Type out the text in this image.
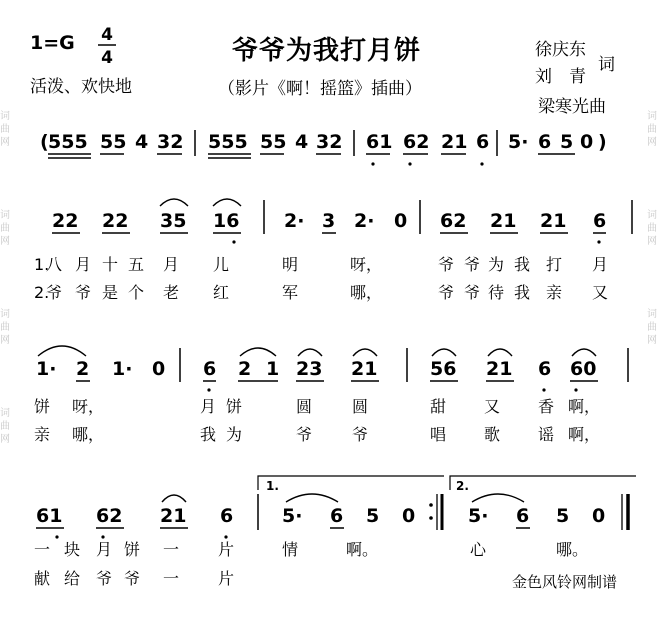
1=G 4
4
活泼、欢快地
爷爷为我打月饼
（影片《啊！摇篮》插曲）
徐庆东
刘　青
词
梁寒光曲
词
曲
网
词
曲
网
词
曲
网
词
曲
网
词
曲
网
词
曲
网
词
曲
网
( 555 55 4 32 555 55 4 32 61 62 21 6 5· 6 5 0 )
22 22 35 16 2· 3 2· 0 62 21 21 6
1.
八 月 十 五 月 儿	明	呀，	爷 爷 为 我 打 月
2.
爷 爷 是 个 老 红	军	哪，	爷 爷 待 我 亲 又
1· 2 1· 0 6 2 1 23 21	56 21 6 60
饼 呀，	月 饼	圆 圆	甜 又 香 啊，
亲 哪，	我 为	爷 爷	唱 歌 谣 啊，
61 62 21 6
1.
5· 6 5 0
2.
5· 6 5 0
一 块 月 饼 一 片	情	啊。	心	哪。
献 给 爷 爷 一 片	金色风铃网制谱
